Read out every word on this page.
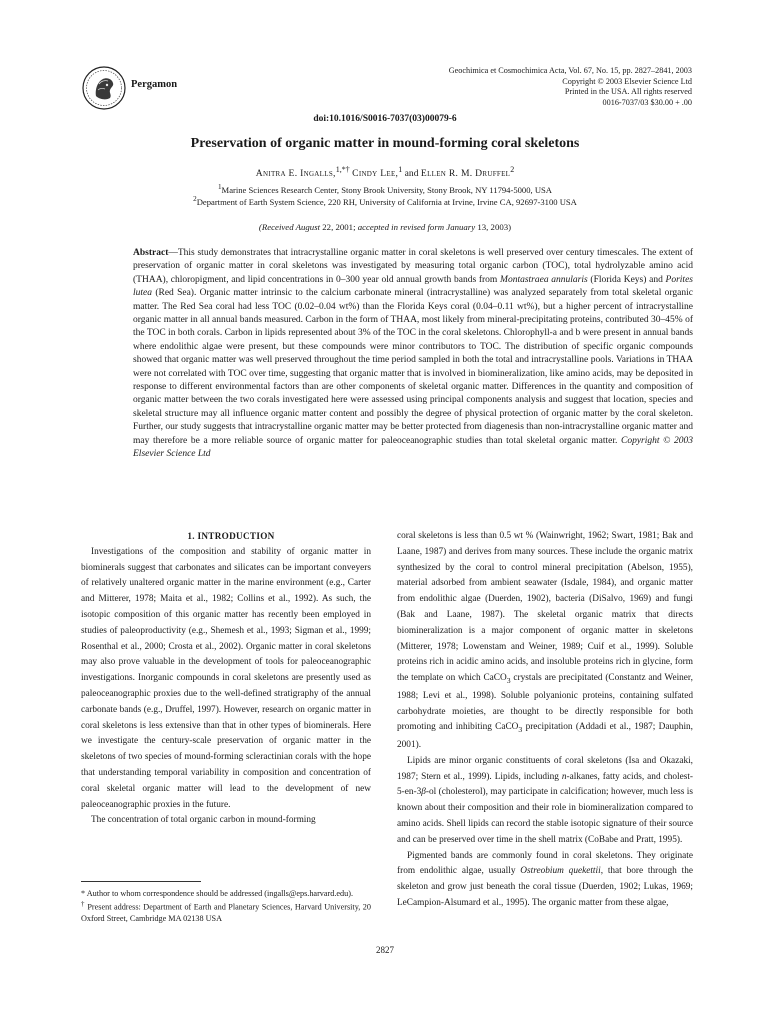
Pergamon
Geochimica et Cosmochimica Acta, Vol. 67, No. 15, pp. 2827–2841, 2003
Copyright © 2003 Elsevier Science Ltd
Printed in the USA. All rights reserved
0016-7037/03 $30.00 + .00
doi:10.1016/S0016-7037(03)00079-6
Preservation of organic matter in mound-forming coral skeletons
Anitra E. Ingalls,$^{1,*\dagger}$ Cindy Lee,$^1$ and Ellen R. M. Druffel$^2$
$^1$Marine Sciences Research Center, Stony Brook University, Stony Brook, NY 11794-5000, USA
$^2$Department of Earth System Science, 220 RH, University of California at Irvine, Irvine CA, 92697-3100 USA
(Received August 22, 2001; accepted in revised form January 13, 2003)
Abstract—This study demonstrates that intracrystalline organic matter in coral skeletons is well preserved over century timescales. The extent of preservation of organic matter in coral skeletons was investigated by measuring total organic carbon (TOC), total hydrolyzable amino acid (THAA), chloropigment, and lipid concentrations in 0–300 year old annual growth bands from Montastraea annularis (Florida Keys) and Porites lutea (Red Sea). Organic matter intrinsic to the calcium carbonate mineral (intracrystalline) was analyzed separately from total skeletal organic matter. The Red Sea coral had less TOC (0.02–0.04 wt%) than the Florida Keys coral (0.04–0.11 wt%), but a higher percent of intracrystalline organic matter in all annual bands measured. Carbon in the form of THAA, most likely from mineral-precipitating proteins, contributed 30–45% of the TOC in both corals. Carbon in lipids represented about 3% of the TOC in the coral skeletons. Chlorophyll-a and b were present in annual bands where endolithic algae were present, but these compounds were minor contributors to TOC. The distribution of specific organic compounds showed that organic matter was well preserved throughout the time period sampled in both the total and intracrystalline pools. Variations in THAA were not correlated with TOC over time, suggesting that organic matter that is involved in biomineralization, like amino acids, may be deposited in response to different environmental factors than are other components of skeletal organic matter. Differences in the quantity and composition of organic matter between the two corals investigated here were assessed using principal components analysis and suggest that location, species and skeletal structure may all influence organic matter content and possibly the degree of physical protection of organic matter by the coral skeleton. Further, our study suggests that intracrystalline organic matter may be better protected from diagenesis than non-intracrystalline organic matter and may therefore be a more reliable source of organic matter for paleoceanographic studies than total skeletal organic matter. Copyright © 2003 Elsevier Science Ltd

1. INTRODUCTION

Investigations of the composition and stability of organic matter in biominerals suggest that carbonates and silicates can be important conveyers of relatively unaltered organic matter in the marine environment (e.g., Carter and Mitterer, 1978; Maita et al., 1982; Collins et al., 1992). As such, the isotopic composition of this organic matter has recently been employed in studies of paleoproductivity (e.g., Shemesh et al., 1993; Sigman et al., 1999; Rosenthal et al., 2000; Crosta et al., 2002). Organic matter in coral skeletons may also prove valuable in the development of tools for paleoceanographic investigations. Inorganic compounds in coral skeletons are presently used as paleoceanographic proxies due to the well-defined stratigraphy of the annual carbonate bands (e.g., Druffel, 1997). However, research on organic matter in coral skeletons is less extensive than that in other types of biominerals. Here we investigate the century-scale preservation of organic matter in the skeletons of two species of mound-forming scleractinian corals with the hope that understanding temporal variability in composition and concentration of coral skeletal organic matter will lead to the development of new paleoceanographic proxies in the future.

The concentration of total organic carbon in mound-forming

coral skeletons is less than 0.5 wt % (Wainwright, 1962; Swart, 1981; Bak and Laane, 1987) and derives from many sources. These include the organic matrix synthesized by the coral to control mineral precipitation (Abelson, 1955), material adsorbed from ambient seawater (Isdale, 1984), and organic matter from endolithic algae (Duerden, 1902), bacteria (DiSalvo, 1969) and fungi (Bak and Laane, 1987). The skeletal organic matrix that directs biomineralization is a major component of organic matter in skeletons (Mitterer, 1978; Lowenstam and Weiner, 1989; Cuif et al., 1999). Soluble proteins rich in acidic amino acids, and insoluble proteins rich in glycine, form the template on which CaCO$_3$ crystals are precipitated (Constantz and Weiner, 1988; Levi et al., 1998). Soluble polyanionic proteins, containing sulfated carbohydrate moieties, are thought to be directly responsible for both promoting and inhibiting CaCO$_3$ precipitation (Addadi et al., 1987; Dauphin, 2001).

Lipids are minor organic constituents of coral skeletons (Isa and Okazaki, 1987; Stern et al., 1999). Lipids, including n-alkanes, fatty acids, and cholest-5-en-3β-ol (cholesterol), may participate in calcification; however, much less is known about their composition and their role in biomineralization compared to amino acids. Shell lipids can record the stable isotopic signature of their source and can be preserved over time in the shell matrix (CoBabe and Pratt, 1995).

Pigmented bands are commonly found in coral skeletons. They originate from endolithic algae, usually Ostreobium quekettii, that bore through the skeleton and grow just beneath the coral tissue (Duerden, 1902; Lukas, 1969; LeCampion-Alsumard et al., 1995). The organic matter from these algae,

* Author to whom correspondence should be addressed (ingalls@eps.harvard.edu).

† Present address: Department of Earth and Planetary Sciences, Harvard University, 20 Oxford Street, Cambridge MA 02138 USA

2827
